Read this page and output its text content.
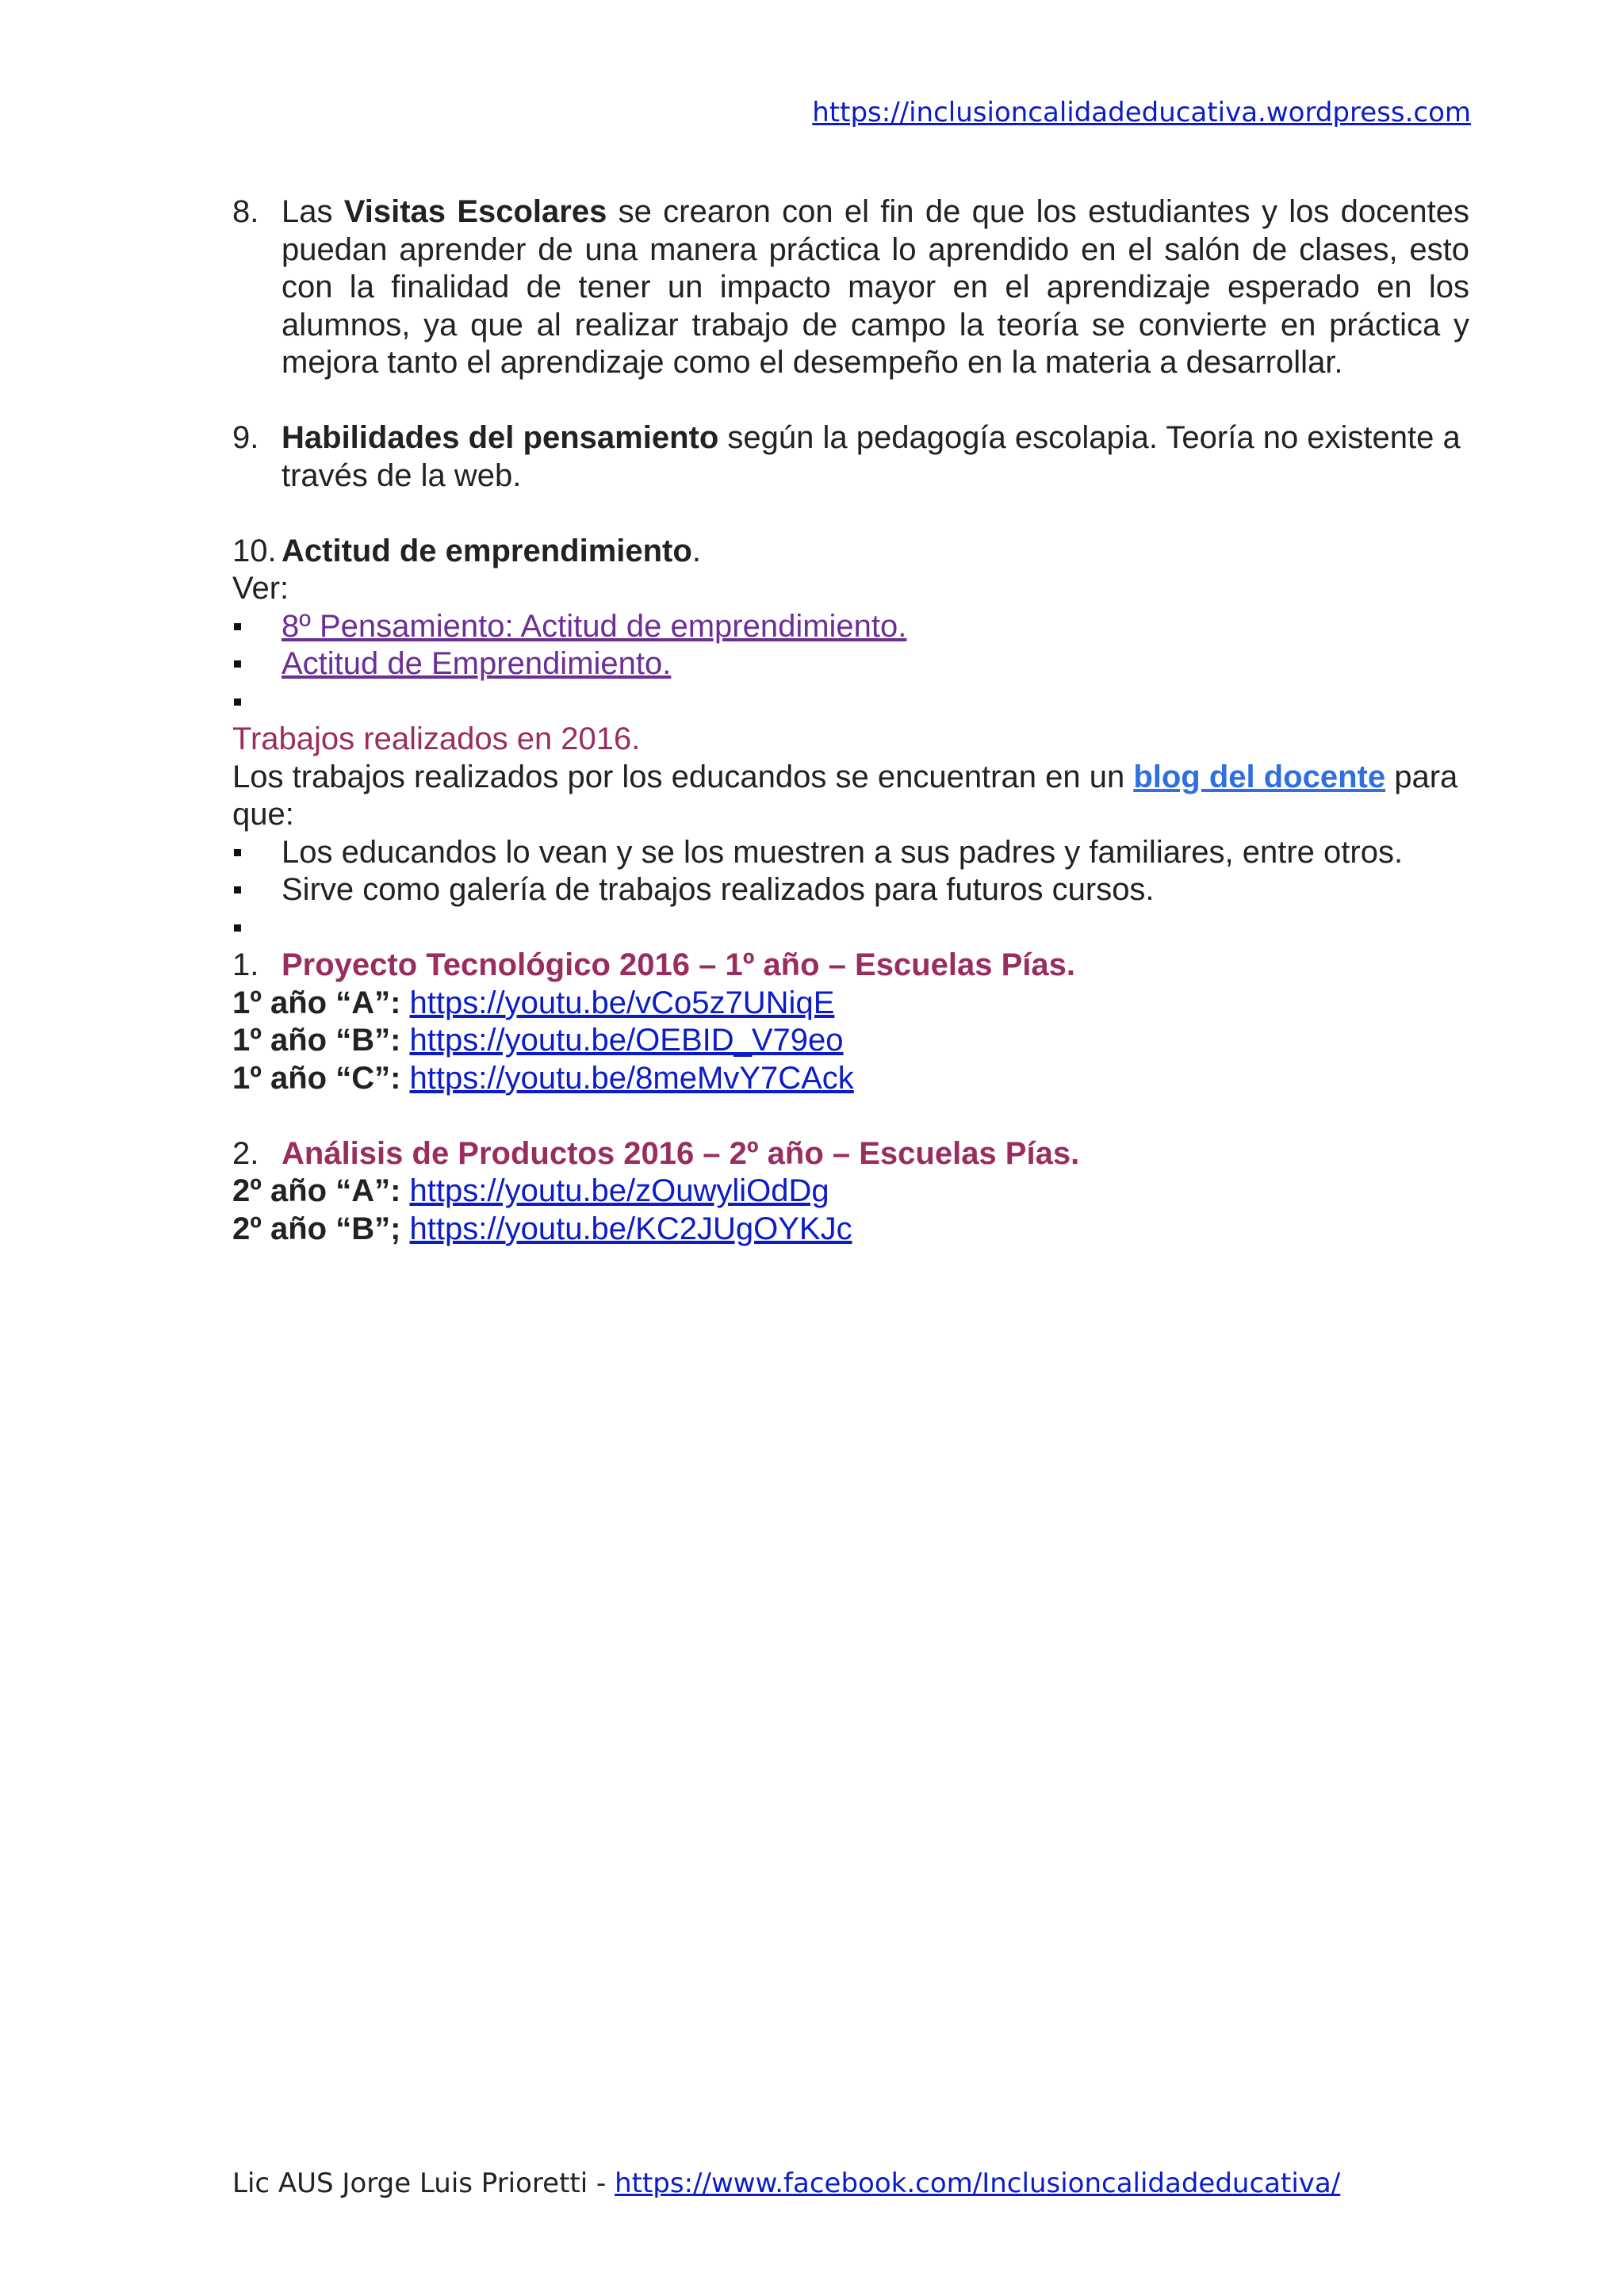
https://inclusioncalidadeducativa.wordpress.com

8. Las Visitas Escolares se crearon con el fin de que los estudiantes y los docentes puedan aprender de una manera práctica lo aprendido en el salón de clases, esto con la finalidad de tener un impacto mayor en el aprendizaje esperado en los alumnos, ya que al realizar trabajo de campo la teoría se convierte en práctica y mejora tanto el aprendizaje como el desempeño en la materia a desarrollar.

9. Habilidades del pensamiento según la pedagogía escolapia. Teoría no existente a través de la web.

10. Actitud de emprendimiento.

Ver:

8º Pensamiento: Actitud de emprendimiento.

Actitud de Emprendimiento.

Trabajos realizados en 2016.

Los trabajos realizados por los educandos se encuentran en un blog del docente para que:

Los educandos lo vean y se los muestren a sus padres y familiares, entre otros.

Sirve como galería de trabajos realizados para futuros cursos.

1. Proyecto Tecnológico 2016 – 1º año – Escuelas Pías.

1º año “A”: https://youtu.be/vCo5z7UNiqE

1º año “B”: https://youtu.be/OEBID_V79eo

1º año “C”: https://youtu.be/8meMvY7CAck

2. Análisis de Productos 2016 – 2º año – Escuelas Pías.

2º año “A”: https://youtu.be/zOuwyliOdDg

2º año “B”; https://youtu.be/KC2JUgOYKJc

Lic AUS Jorge Luis Prioretti - https://www.facebook.com/Inclusioncalidadeducativa/
